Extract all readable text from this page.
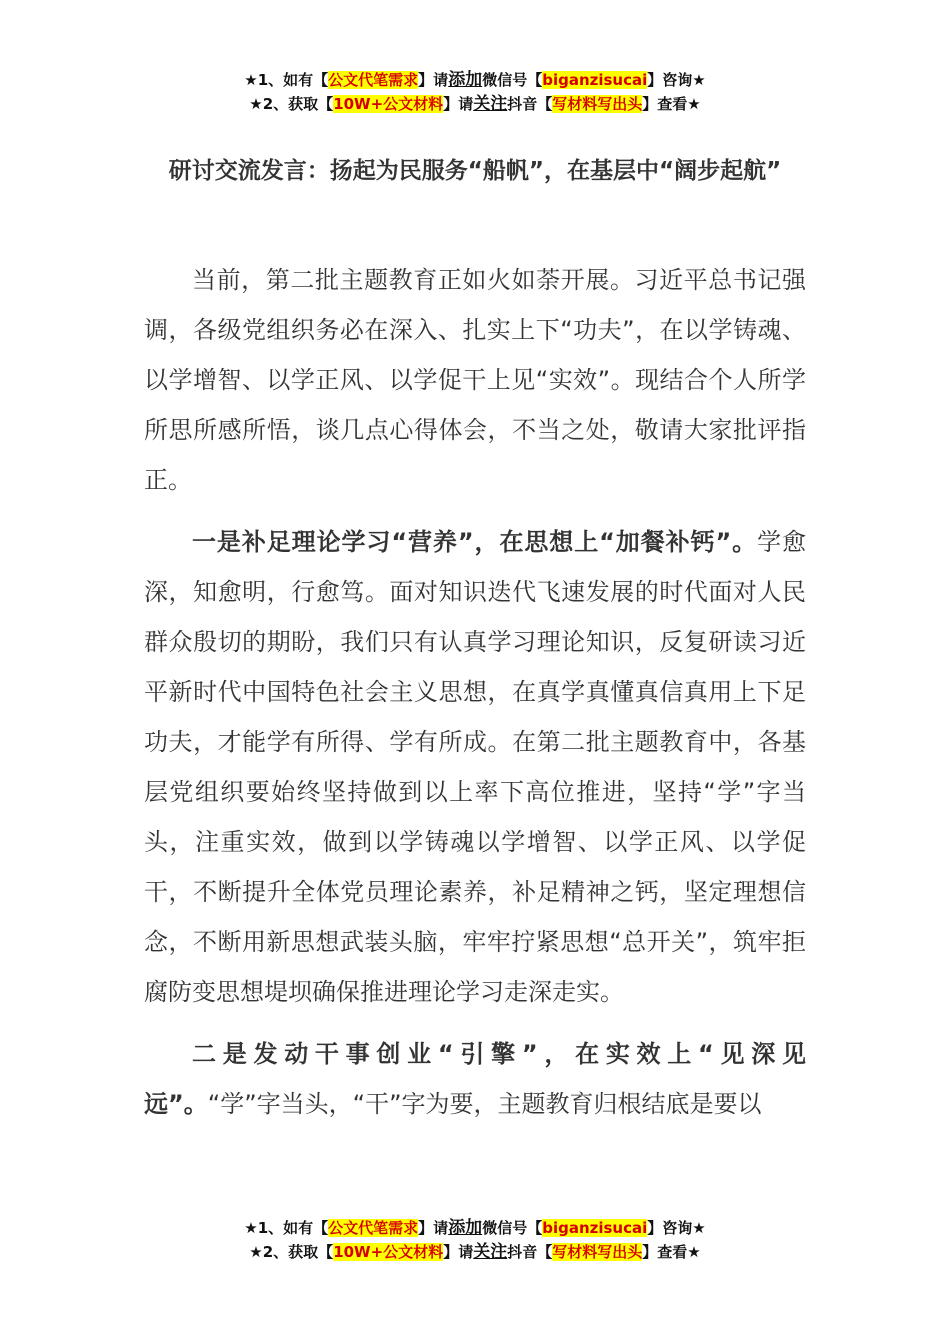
★1、如有【公文代笔需求】请添加微信号【biganzisucai】咨询★
★2、获取【10W+公文材料】请关注抖音【写材料写出头】查看★
研讨交流发言：扬起为民服务“船帆”，在基层中“阔步起航”

当前，第二批主题教育正如火如荼开展。习近平总书记强调，各级党组织务必在深入、扎实上下“功夫”，在以学铸魂、以学增智、以学正风、以学促干上见“实效”。现结合个人所学所思所感所悟，谈几点心得体会，不当之处，敬请大家批评指正。

一是补足理论学习“营养”，在思想上“加餐补钙”。学愈深，知愈明，行愈笃。面对知识迭代飞速发展的时代面对人民群众殷切的期盼，我们只有认真学习理论知识，反复研读习近平新时代中国特色社会主义思想，在真学真懂真信真用上下足功夫，才能学有所得、学有所成。在第二批主题教育中，各基层党组织要始终坚持做到以上率下高位推进，坚持“学”字当头，注重实效，做到以学铸魂以学增智、以学正风、以学促干，不断提升全体党员理论素养，补足精神之钙，坚定理想信念，不断用新思想武装头脑，牢牢拧紧思想“总开关”，筑牢拒腐防变思想堤坝确保推进理论学习走深走实。

二是发动干事创业“引擎”，在实效上“见深见远”。“学”字当头，“干”字为要，主题教育归根结底是要以

★1、如有【公文代笔需求】请添加微信号【biganzisucai】咨询★
★2、获取【10W+公文材料】请关注抖音【写材料写出头】查看★
